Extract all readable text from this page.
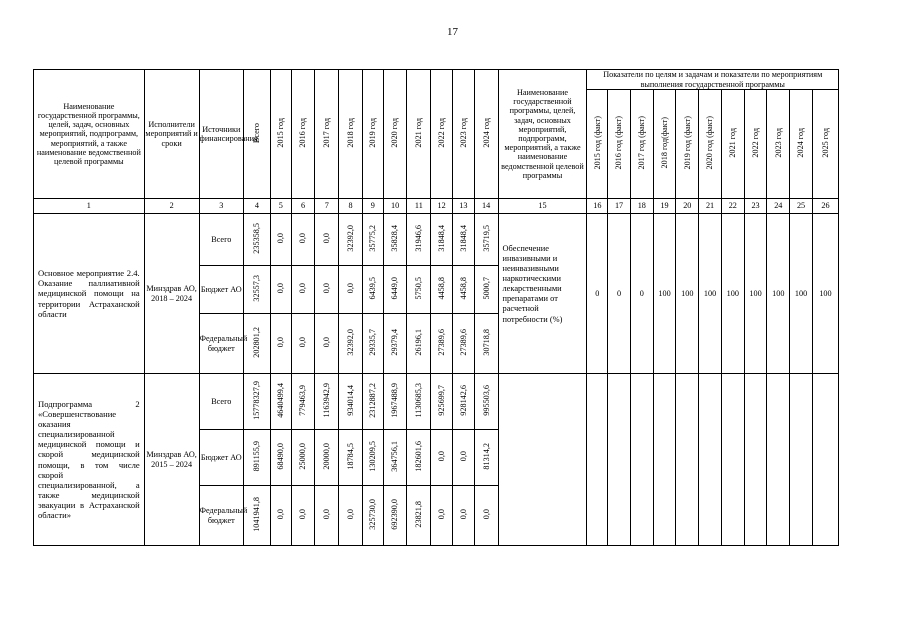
17
Наименование государственной программы, целей, задач, основных мероприятий, подпрограмм, мероприятий, а также наименование ведомственной целевой программы	Исполнители мероприятий и сроки	Источники финансирования	Всего	2015 год	2016 год	2017 год	2018 год	2019 год	2020 год	2021 год	2022 год	2023 год	2024 год	Наименование государственной программы, целей, задач, основных мероприятий, подпрограмм, мероприятий, а также наименование ведомственной целевой программы	Показатели по целям и задачам и показатели по мероприятиям выполнения государственной программы										
															2015 год (факт)	2016 год (факт)	2017 год (факт)	2018 год(факт)	2019 год (факт)	2020 год (факт)	2021 год	2022 год	2023 год	2024 год	2025 год
1	2	3	4	5	6	7	8	9	10	11	12	13	14	15	16	17	18	19	20	21	22	23	24	25	26
Основное мероприятие 2.4. Оказание паллиативной медицинской помощи на территории Астраханской области	Минздрав АО, 2018 – 2024	Всего	235358,5	0,0	0,0	0,0	32392,0	35775,2	35828,4	31946,6	31848,4	31848,4	35719,5	Обеспечение инвазивными и неинвазивными наркотическими лекарственными препаратами от расчетной потребности (%)	0	0	0	100	100	100	100	100	100	100	100
		Бюджет АО	32557,3	0,0	0,0	0,0	0,0	6439,5	6449,0	5750,5	4458,8	4458,8	5000,7												
		Федеральный бюджет	202801,2	0,0	0,0	0,0	32392,0	29335,7	29379,4	26196,1	27389,6	27389,6	30718,8												
Подпрограмма 2 «Совершенствование оказания специализированной медицинской помощи и скорой медицинской помощи, в том числе скорой специализированной, а также медицинской эвакуации в Астраханской области»	Минздрав АО, 2015 – 2024	Всего	15778327,9	4640499,4	779463,9	1163942,9	934014,4	2312887,2	1967488,9	1130685,3	925699,7	928142,6	995503,6												
		Бюджет АО	891155,9	68490,0	25000,0	20000,0	18784,5	130209,5	364756,1	182601,6	0,0	0,0	81314,2												
		Федеральный бюджет	1041941,8	0,0	0,0	0,0	0,0	325730,0	692390,0	23821,8	0,0	0,0	0,0												
